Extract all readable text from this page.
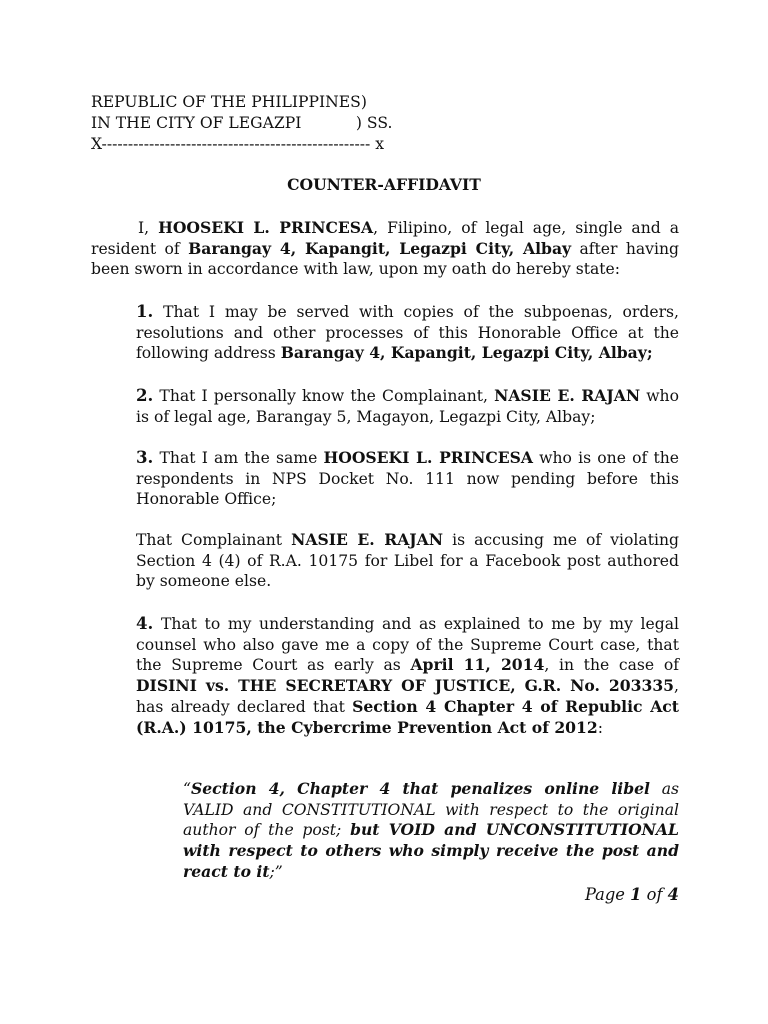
REPUBLIC OF THE PHILIPPINES)
IN THE CITY OF LEGAZPI           ) SS.
X--------------------------------------------------- x
COUNTER-AFFIDAVIT
I, HOOSEKI L. PRINCESA, Filipino, of legal age, single and a resident of Barangay 4, Kapangit, Legazpi City, Albay after having been sworn in accordance with law, upon my oath do hereby state:
1. That I may be served with copies of the subpoenas, orders, resolutions and other processes of this Honorable Office at the following address Barangay 4, Kapangit, Legazpi City, Albay;
2. That I personally know the Complainant, NASIE E. RAJAN who is of legal age, Barangay 5, Magayon, Legazpi City, Albay;
3. That I am the same HOOSEKI L. PRINCESA who is one of the respondents in NPS Docket No. 111 now pending before this Honorable Office;
That Complainant NASIE E. RAJAN is accusing me of violating Section 4 (4) of R.A. 10175 for Libel for a Facebook post authored by someone else.
4. That to my understanding and as explained to me by my legal counsel who also gave me a copy of the Supreme Court case, that the Supreme Court as early as April 11, 2014, in the case of DISINI vs. THE SECRETARY OF JUSTICE, G.R. No. 203335, has already declared that Section 4 Chapter 4 of Republic Act (R.A.) 10175, the Cybercrime Prevention Act of 2012:
“Section 4, Chapter 4 that penalizes online libel as VALID and CONSTITUTIONAL with respect to the original author of the post; but VOID and UNCONSTITUTIONAL with respect to others who simply receive the post and react to it;”
Page 1 of 4
